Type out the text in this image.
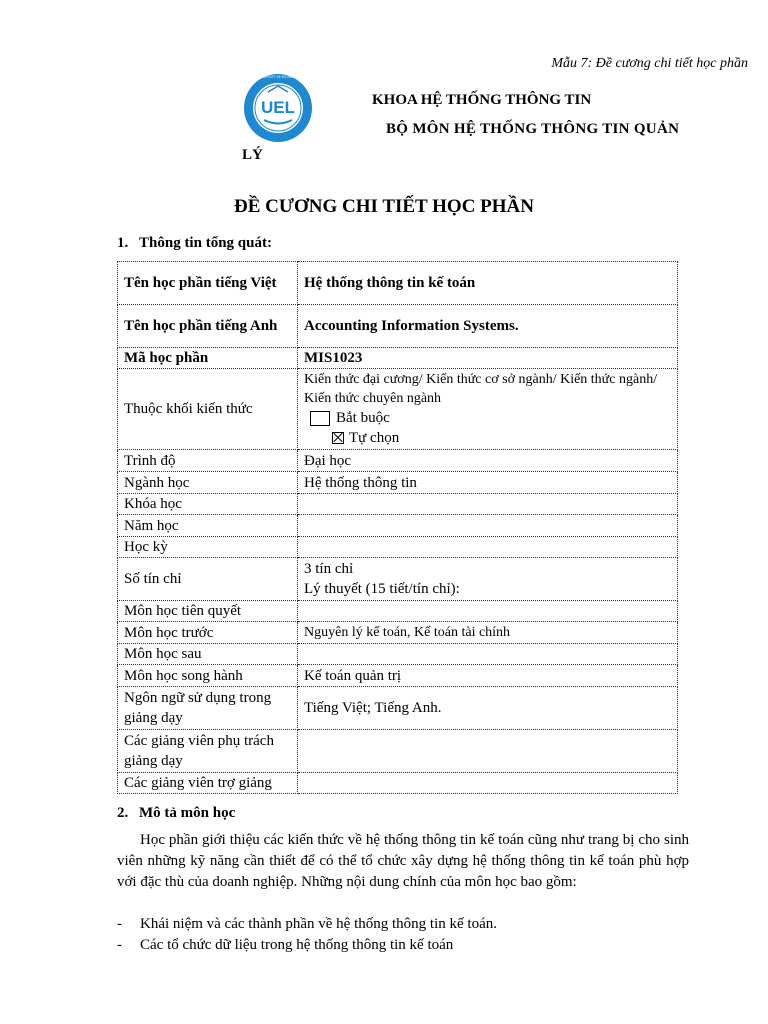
Mẫu 7: Đề cương chi tiết học phần
UEL
TRƯỜNG · UNIVERSITY OF ECONOMICS AND LAW
KHOA HỆ THỐNG THÔNG TIN
BỘ MÔN HỆ THỐNG THÔNG TIN QUẢN
LÝ
ĐỀ CƯƠNG CHI TIẾT HỌC PHẦN
1. Thông tin tổng quát:
Tên học phần tiếng Việt	Hệ thống thông tin kế toán
Tên học phần tiếng Anh	Accounting Information Systems.
Mã học phần	MIS1023
Thuộc khối kiến thức	Kiến thức đại cương/ Kiến thức cơ sở ngành/ Kiến thức ngành/ Kiến thức chuyên ngành
Bắt buộc
Tự chọn

Trình độ	Đại học
Ngành học	Hệ thống thông tin
Khóa học	
Năm học	
Học kỳ	
Số tín chỉ	3 tín chỉ
Lý thuyết (15 tiết/tín chỉ):

Môn học tiên quyết	
Môn học trước	Nguyên lý kế toán, Kế toán tài chính
Môn học sau	
Môn học song hành	Kế toán quản trị
Ngôn ngữ sử dụng trong giảng dạy	Tiếng Việt; Tiếng Anh.
Các giảng viên phụ trách giảng dạy	
Các giảng viên trợ giảng	
2. Mô tả môn học
Học phần giới thiệu các kiến thức về hệ thống thông tin kế toán cũng như trang bị cho sinh viên những kỹ năng cần thiết để có thể tổ chức xây dựng hệ thống thông tin kế toán phù hợp với đặc thù của doanh nghiệp. Những nội dung chính của môn học bao gồm:
- Khái niệm và các thành phần về hệ thống thông tin kế toán.
- Các tổ chức dữ liệu trong hệ thống thông tin kế toán
